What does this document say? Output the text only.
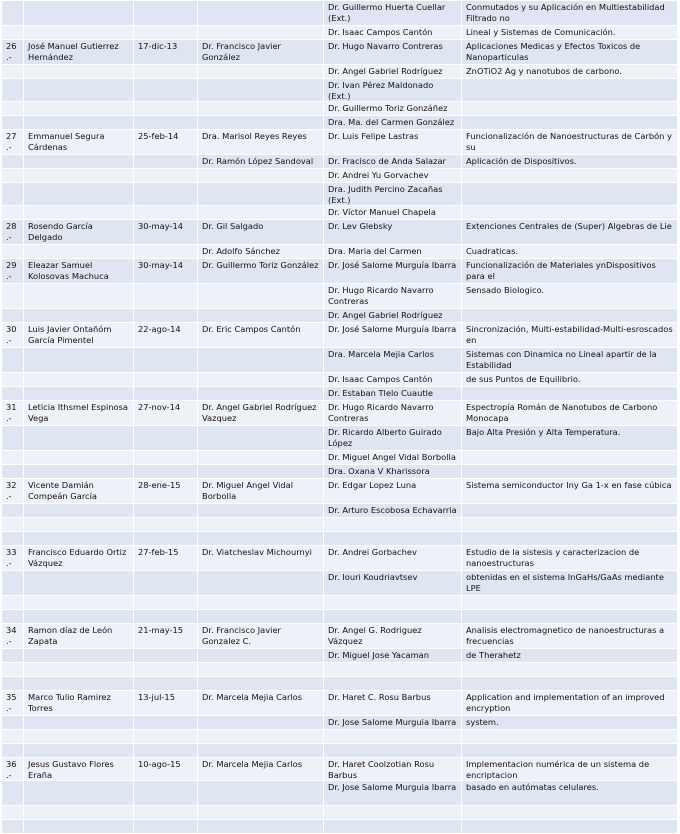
				Dr. Guillermo Huerta Cuellar (Ext.)	Conmutados y su Aplicación en Multiestabilidad Filtrado no
				Dr. Isaac Campos Cantón	Lineal y Sistemas de Comunicación.
26.-	José Manuel Gutierrez Hernández	17-dic-13	Dr. Francisco Javier González	Dr. Hugo Navarro Contreras	Aplicaciones Medicas y Efectos Toxicos de Nanoparticulas
				Dr. Angel Gabriel Rodríguez	ZnOTiO2 Ag y nanotubos de carbono.
				Dr. Ivan Pérez Maldonado (Ext.)	
				Dr. Guillermo Toriz Gonzáñez	
				Dra. Ma. del Carmen González	
27.-	Emmanuel Segura Cárdenas	25-feb-14	Dra. Marisol Reyes Reyes	Dr. Luis Felipe Lastras	Funcionalización de Nanoestructuras de Carbón y su
			Dr. Ramón López Sandoval	Dr. Fracisco de Anda Salazar	Aplicación de Dispositivos.
				Dr. Andrei Yu Gorvachev	
				Dra. Judith Percino Zacañas (Ext.)	
				Dr. Víctor Manuel Chapela	
28.-	Rosendo García Delgado	30-may-14	Dr. Gil Salgado	Dr. Lev Glebsky	Extenciones Centrales de (Super) Algebras de Lie
			Dr. Adolfo Sánchez	Dra. Maria del Carmen	Cuadraticas.
29.-	Eleazar Samuel Kolosovas Machuca	30-may-14	Dr. Guillermo Toriz González	Dr. José Salome Murguía Ibarra	Funcionalización de Materiales ynDispositivos para el
				Dr. Hugo Ricardo Navarro Contreras	Sensado Biologico.
				Dr. Angel Gabriel Rodríguez	
30.-	Luis Javier Ontañóm García Pimentel	22-ago-14	Dr. Eric Campos Cantón	Dr. José Salome Murguía Ibarra	Sincronización, Multi-estabilidad-Multi-esroscados en
				Dra. Marcela Mejia Carlos	Sistemas con Dinamica no Lineal apartir de la Estabilidad
				Dr. Isaac Campos Cantón	de sus Puntos de Equilibrio.
				Dr. Estaban Tlelo Cuautle	
31.-	Leticia Ithsmel Espinosa Vega	27-nov-14	Dr. Angel Gabriel Rodríguez Vazquez	Dr. Hugo Ricardo Navarro Contreras	Espectropía Román de Nanotubos de Carbono Monocapa
				Dr. Ricardo Alberto Guirado López	Bajo Alta Presión y Alta Temperatura.
				Dr. Miguel Angel Vidal Borbolla	
				Dra. Oxana V Kharissora	
32.-	Vicente Damián Compeán García	28-ene-15	Dr. Miguel Angel Vidal Borbolla	Dr. Edgar Lopez Luna	Sistema semiconductor Iny Ga 1-x en fase cúbica
				Dr. Arturo Escobosa Echavarria	

33.-	Francisco Eduardo Ortiz Vázquez	27-feb-15	Dr. Viatcheslav Michournyi	Dr. Andrei Gorbachev	Estudio de la sistesis y caracterizacion de nanoestructuras
				Dr. Iouri Koudriavtsev	obtenidas en el sistema InGaHs/GaAs mediante LPE

34.-	Ramon díaz de León Zapata	21-may-15	Dr. Francisco Javier Gonzalez C.	Dr. Angel G. Rodriguez Vázquez	Analisis electromagnetico de nanoestructuras a frecuencias
				Dr. Miguel Jose Yacaman	de Therahetz

35.-	Marco Tulio Ramirez Torres	13-jul-15	Dr. Marcela Mejia Carlos	Dr. Haret C. Rosu Barbus	Application and implementation of an improved encryption
				Dr. Jose Salome Murguia Ibarra	system.

36.-	Jesus Gustavo Flores Eraña	10-ago-15	Dr. Marcela Mejia Carlos	Dr. Haret Coolzotian Rosu Barbus	Implementacion numérica de un sistema de encriptacion
				Dr. Jose Salome Murguia Ibarra	basado en autómatas celulares.
